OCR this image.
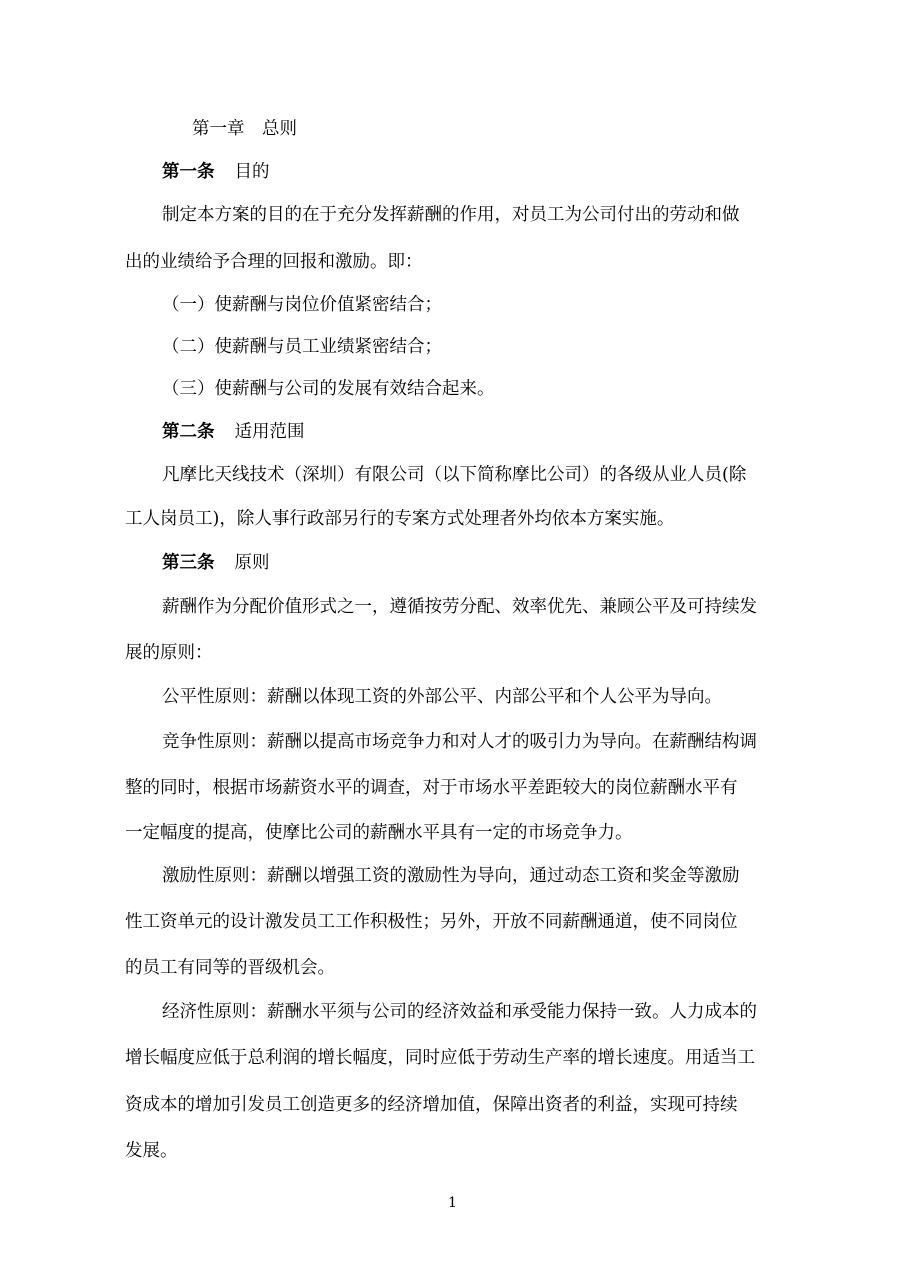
第一章　总则
第一条 目的
制定本方案的目的在于充分发挥薪酬的作用，对员工为公司付出的劳动和做
出的业绩给予合理的回报和激励。即：
（一）使薪酬与岗位价值紧密结合；
（二）使薪酬与员工业绩紧密结合；
（三）使薪酬与公司的发展有效结合起来。
第二条 适用范围
凡摩比天线技术（深圳）有限公司（以下简称摩比公司）的各级从业人员(除
工人岗员工)，除人事行政部另行的专案方式处理者外均依本方案实施。
第三条 原则
薪酬作为分配价值形式之一，遵循按劳分配、效率优先、兼顾公平及可持续发
展的原则：
公平性原则：薪酬以体现工资的外部公平、内部公平和个人公平为导向。
竞争性原则：薪酬以提高市场竞争力和对人才的吸引力为导向。在薪酬结构调
整的同时，根据市场薪资水平的调查，对于市场水平差距较大的岗位薪酬水平有
一定幅度的提高，使摩比公司的薪酬水平具有一定的市场竞争力。
激励性原则：薪酬以增强工资的激励性为导向，通过动态工资和奖金等激励
性工资单元的设计激发员工工作积极性；另外，开放不同薪酬通道，使不同岗位
的员工有同等的晋级机会。
经济性原则：薪酬水平须与公司的经济效益和承受能力保持一致。人力成本的
增长幅度应低于总利润的增长幅度，同时应低于劳动生产率的增长速度。用适当工
资成本的增加引发员工创造更多的经济增加值，保障出资者的利益，实现可持续
发展。
1
